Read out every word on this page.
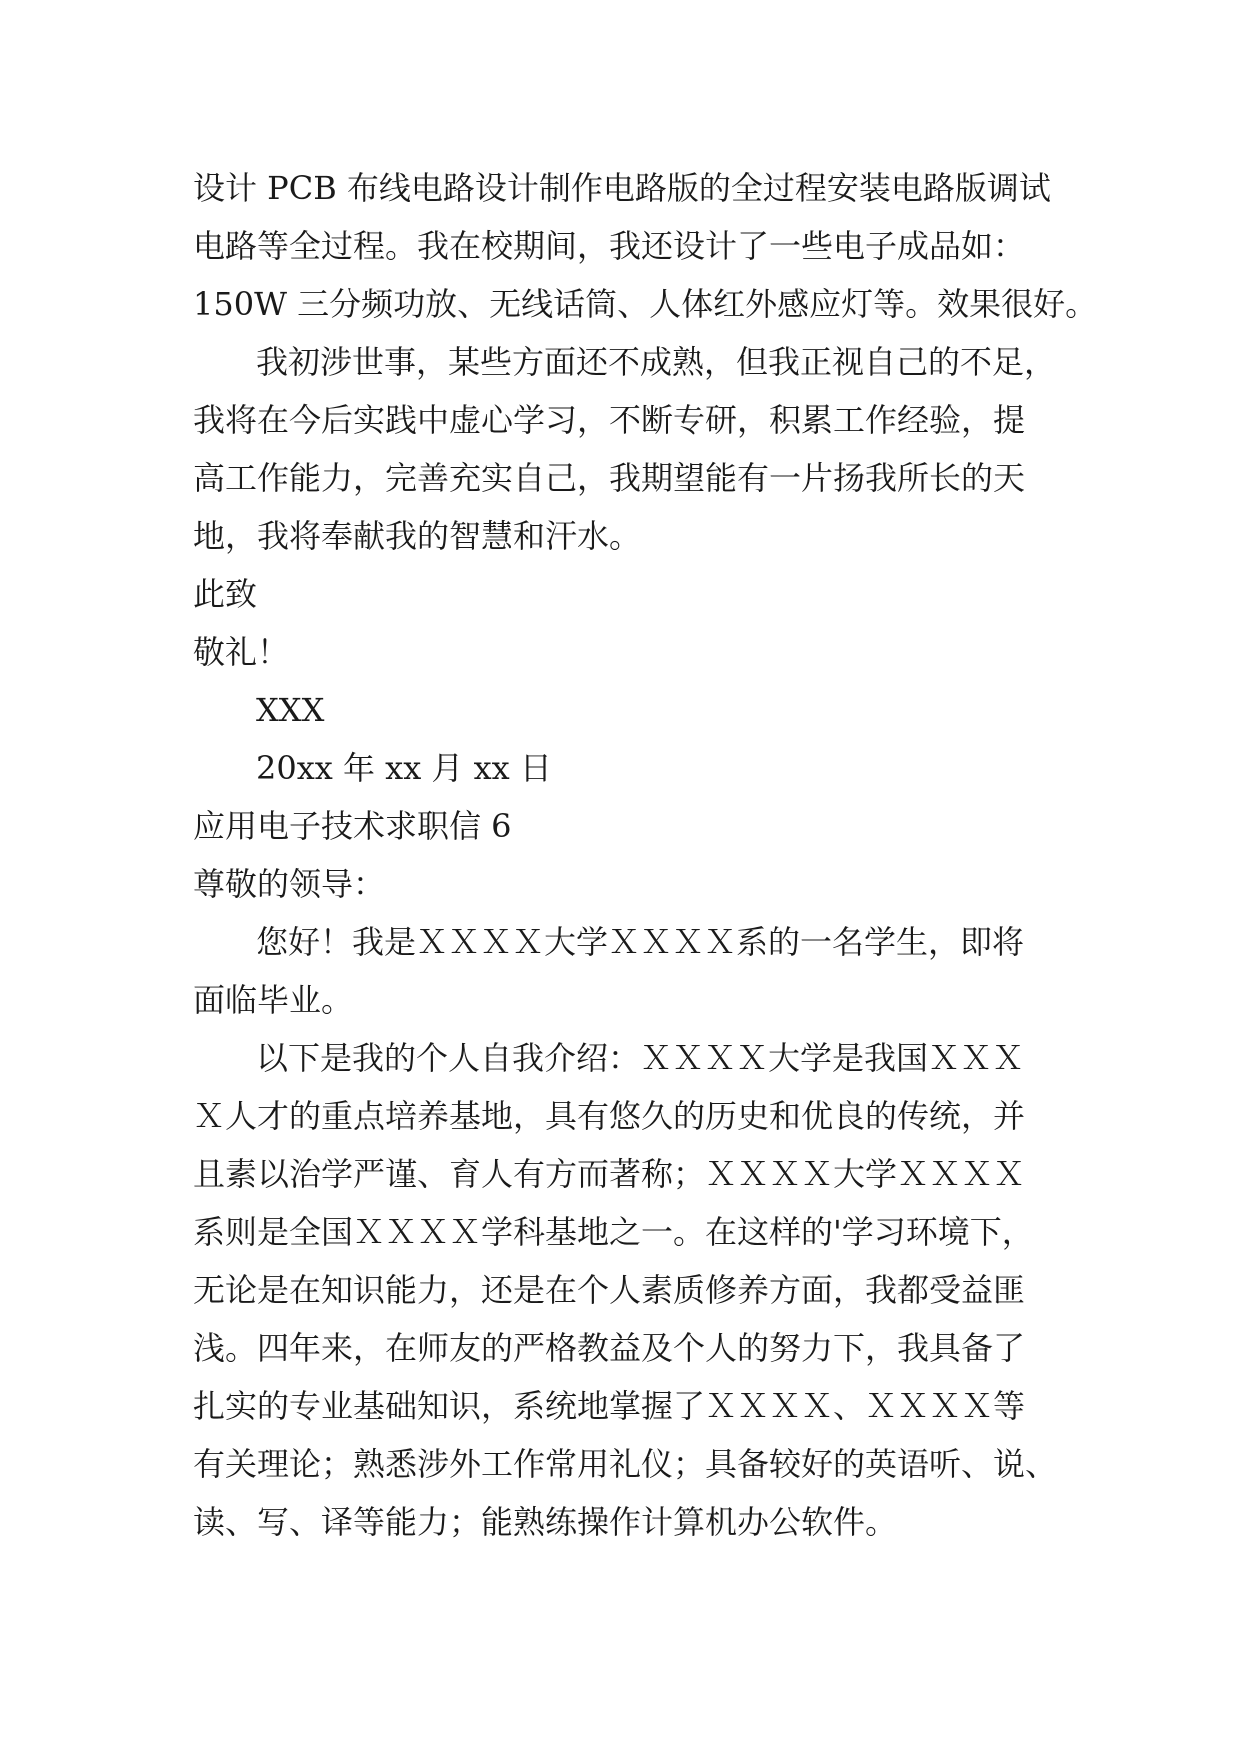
设计 PCB 布线电路设计制作电路版的全过程安装电路版调试
电路等全过程。我在校期间，我还设计了一些电子成品如：
150W 三分频功放、无线话筒、人体红外感应灯等。效果很好。
我初涉世事，某些方面还不成熟，但我正视自己的不足，
我将在今后实践中虚心学习，不断专研，积累工作经验，提
高工作能力，完善充实自己，我期望能有一片扬我所长的天
地，我将奉献我的智慧和汗水。
此致
敬礼！
XXX
20xx 年 xx 月 xx 日
应用电子技术求职信 6
尊敬的领导：
您好！我是ＸＸＸＸ大学ＸＸＸＸ系的一名学生，即将
面临毕业。
以下是我的个人自我介绍：ＸＸＸＸ大学是我国ＸＸＸ
Ｘ人才的重点培养基地，具有悠久的历史和优良的传统，并
且素以治学严谨、育人有方而著称；ＸＸＸＸ大学ＸＸＸＸ
系则是全国ＸＸＸＸ学科基地之一。在这样的'学习环境下，
无论是在知识能力，还是在个人素质修养方面，我都受益匪
浅。四年来，在师友的严格教益及个人的努力下，我具备了
扎实的专业基础知识，系统地掌握了ＸＸＸＸ、ＸＸＸＸ等
有关理论；熟悉涉外工作常用礼仪；具备较好的英语听、说、
读、写、译等能力；能熟练操作计算机办公软件。
